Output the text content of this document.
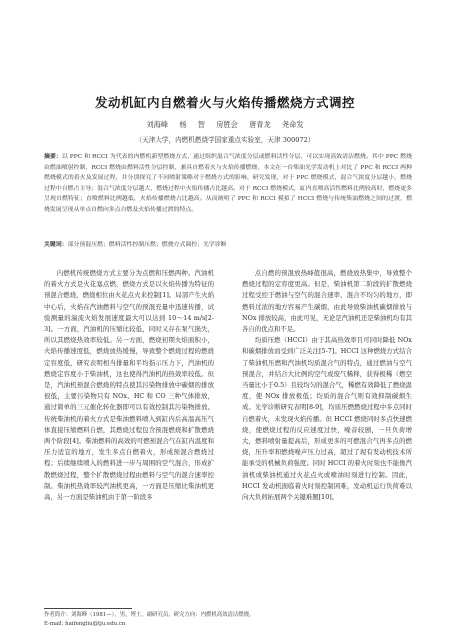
发动机缸内自燃着火与火焰传播燃烧方式调控
刘海峰 杨 智 房胜会 唐青龙 尧命发
（天津大学，内燃机燃烧学国家重点实验室，天津 300072）
摘要：以 PPC 和 RCCI 为代表的内燃机新型燃烧方式，通过组织混合气浓度分层或燃料活性分层，可以实现高效清洁燃烧。其中 PPC 燃烧由燃油喷射控制，RCCI 燃烧由燃料活性分层控制，兼具自燃着火与火焰传播燃烧。本文在一台柴油光学发动机上对比了 PPC 和 RCCI 两种燃烧模式的着火及发展过程，并分别探究了不同喷射策略对于燃烧方式的影响。研究发现，对于 PPC 燃烧模式，混合气浓度分层越小，燃烧过程中自燃占主导；混合气浓度分层越大，燃烧过程中火焰传播占比越高。对于 RCCI 燃烧模式，缸内直喷高活性燃料比例较高时，燃烧更多呈现自燃特征；直喷燃料比例越低，火焰传播燃烧占比越高。从而阐明了 PPC 和 RCCI 模拟了 HCCI 燃烧与传统柴油燃烧之间的过渡，燃烧发展呈现从单点自燃向多点自燃及火焰传播过渡的特点。
关键词：部分预混压燃；燃料活性控制压燃；燃烧方式调控；光学诊断

内燃机传统燃烧方式主要分为点燃和压燃两种。汽油机的着火方式是火花塞点燃，燃烧方式是以火焰传播为特征的预混合燃烧，燃烧相位由火花点火来控制[1]。局部产生火焰中心后，火焰在汽油燃料与空气的预混充量中迅速传播，试验测量的湍流火焰发展速度最大可以达到 10～14 m/s[2-3]。一方面，汽油机的压缩比较低，同时又存在泵气损失，所以其燃烧热效率较低。另一方面，燃烧初期火焰面积小，火焰传播速度低，燃烧放热缓慢，导致整个燃烧过程的燃烧定容度低，研究表明相当排量和平均指示压力下，汽油机的燃烧定容度小于柴油机，这也使得汽油机的热效率较低。但是，汽油机预混合燃烧的特点使其污染物排放中碳烟的排放很低，主要污染物只有 NOx、HC 和 CO 三种气体排放，通过简单的三元催化转化器即可以有效控制其污染物排放。传统柴油机的着火方式是柴油燃料喷入到缸内后高温高压气体直接压缩燃料自燃，其燃烧过程包含预混燃烧和扩散燃烧两个阶段[4]。柴油燃料的高效的可燃预混合气在缸内温度和压力适宜的地方，发生多点自燃着火，形成预混合燃烧过程；后续继续喷入的燃料进一步与周围的空气混合，形成扩散燃烧过程，整个扩散燃烧过程由燃料与空气的混合速率控制。柴油机热效率较汽油机更高，一方面是压缩比柴油机更高，另一方面是柴油机由于第一阶段多

点自燃的预混放热峰值很高，燃烧放热集中，导致整个燃烧过程的定容度更高。但是，柴油机第二阶段的扩散燃烧过程受控于燃油与空气的混合速率，混合不均匀的地方，即燃料过浓的地方容易产生碳烟，由此导致柴油机碳烟排放与 NOx 排放较高，由此可见，无论是汽油机还是柴油机均有其各自的优点和不足。

均质压燃（HCCI）由于其高热效率且可同时降低 NOx 和碳烟排放而受到广泛关注[5-7]。HCCI 这种燃烧方式结合了柴油机压燃和汽油机均质混合气的特点，通过燃油与空气预混合，并结合大比例的空气或废气稀释，获得极稀（燃空当量比小于0.5）且较均匀的混合气，稀燃有效降低了燃烧温度，使 NOx 排放极低；均质的混合气则有效抑制碳烟生成。光学诊断研究表明[8-9]，均质压燃燃烧过程中多点同时自燃着火，未发现火焰传播。但 HCCI 燃烧同时多点快速燃烧，使燃烧过程的反应速度过快，噪音较剧，一旦负荷增大，燃料喷射量提高后，形成更多的可燃混合气再多点的燃烧，压升率和燃烧噪声压力过高，超过了现有发动机技术所能承受的机械负荷强度；同时 HCCI 的着火时刻也不能像汽油机或柴油机通过火花点火或喷油时刻进行控制。因此，HCCI 发动机面临着火时刻控制困难，发动机运行负荷难以向大负荷拓展两个关键难题[10]。

作者简介：刘海峰（1981—），男，博士，副研究员，研究方向：内燃机高效清洁燃烧。
E-mail: haifengliu@tju.edu.cn
